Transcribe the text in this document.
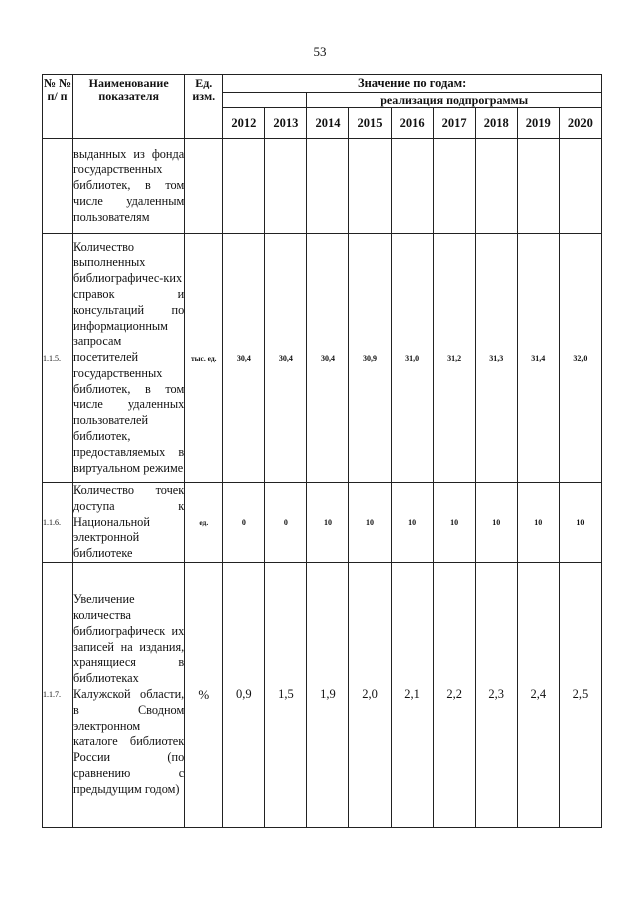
53
№ № п/ п	Наименование показателя	Ед. изм.	Значение по годам:								
					реализация подпрограммы						
			2012	2013	2014	2015	2016	2017	2018	2019	2020
	выданных из фонда государственных библиотек, в том числе удаленным пользователям										
1.1.5.	Количество выполненных библиографичес-ких справок и консультаций по информационным запросам посетителей государственных библиотек, в том числе удаленных пользователей библиотек, предоставляемых в виртуальном режиме	тыс. ед.	30,4	30,4	30,4	30,9	31,0	31,2	31,3	31,4	32,0
1.1.6.	Количество точек доступа к Национальной электронной библиотеке	ед.	0	0	10	10	10	10	10	10	10
1.1.7.	Увеличение количества библиографическ их записей на издания, хранящиеся в библиотеках Калужской области, в Сводном электронном каталоге библиотек России (по сравнению с предыдущим годом)	%	0,9	1,5	1,9	2,0	2,1	2,2	2,3	2,4	2,5
